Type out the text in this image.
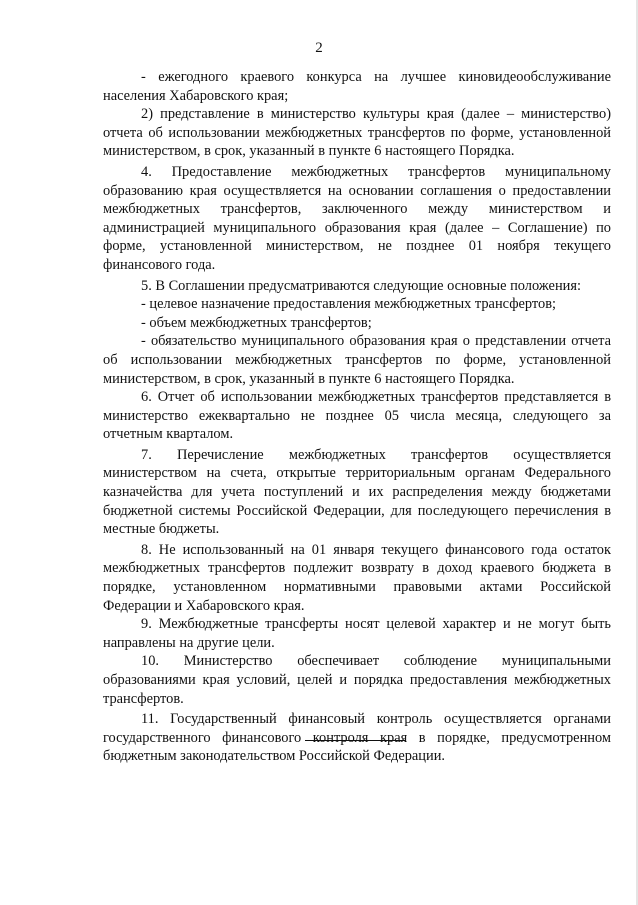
2

- ежегодного краевого конкурса на лучшее киновидеообслуживание населения Хабаровского края;

2) представление в министерство культуры края (далее – министерство) отчета об использовании межбюджетных трансфертов по форме, установленной министерством, в срок, указанный в пункте 6 настоящего Порядка.

4. Предоставление межбюджетных трансфертов муниципальному образованию края осуществляется на основании соглашения о предоставлении межбюджетных трансфертов, заключенного между министерством и администрацией муниципального образования края (далее – Соглашение) по форме, установленной министерством, не позднее 01 ноября текущего финансового года.

5. В Соглашении предусматриваются следующие основные положения:

- целевое назначение предоставления межбюджетных трансфертов;

- объем межбюджетных трансфертов;

- обязательство муниципального образования края о представлении отчета об использовании межбюджетных трансфертов по форме, установленной министерством, в срок, указанный в пункте 6 настоящего Порядка.

6. Отчет об использовании межбюджетных трансфертов представляется в министерство ежеквартально не позднее 05 числа месяца, следующего за отчетным кварталом.

7. Перечисление межбюджетных трансфертов осуществляется министерством на счета, открытые территориальным органам Федерального казначейства для учета поступлений и их распределения между бюджетами бюджетной системы Российской Федерации, для последующего перечисления в местные бюджеты.

8. Не использованный на 01 января текущего финансового года остаток межбюджетных трансфертов подлежит возврату в доход краевого бюджета в порядке, установленном нормативными правовыми актами Российской Федерации и Хабаровского края.

9. Межбюджетные трансферты носят целевой характер и не могут быть направлены на другие цели.

10. Министерство обеспечивает соблюдение муниципальными образованиями края условий, целей и порядка предоставления межбюджетных трансфертов.

11. Государственный финансовый контроль осуществляется органами государственного финансового контроля края в порядке, предусмотренном бюджетным законодательством Российской Федерации.
